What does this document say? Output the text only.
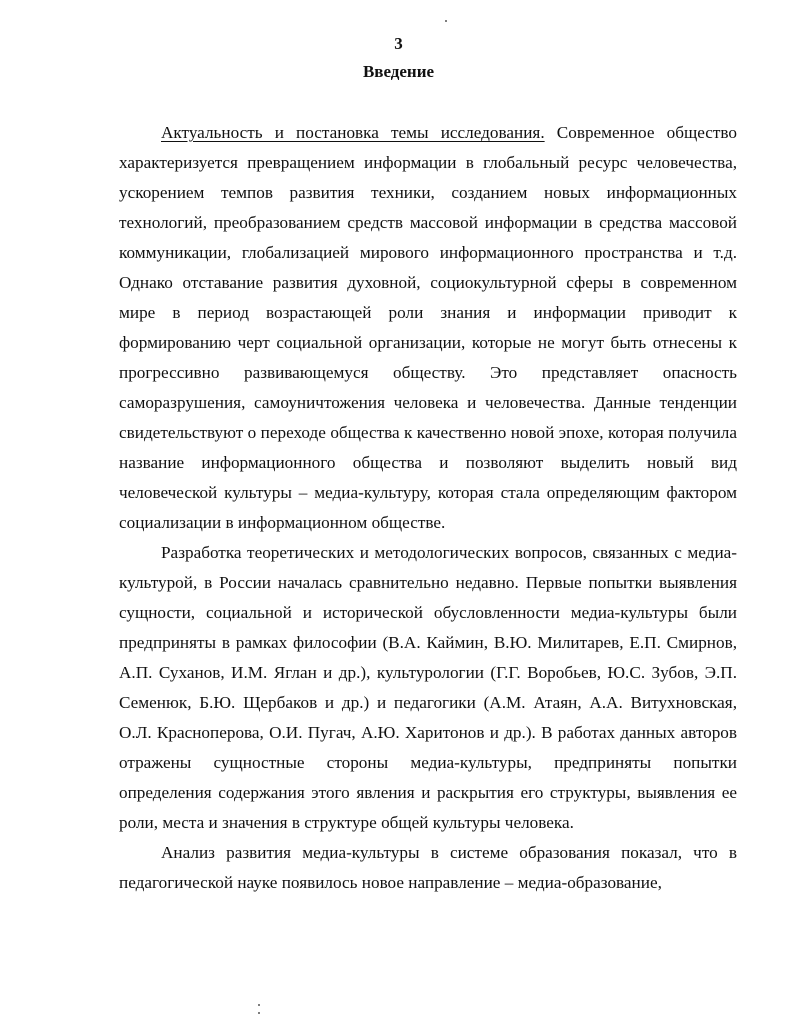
3
Введение

Актуальность и постановка темы исследования. Современное общество характеризуется превращением информации в глобальный ресурс человечества, ускорением темпов развития техники, созданием новых информационных технологий, преобразованием средств массовой информации в средства массовой коммуникации, глобализацией мирового информационного пространства и т.д. Однако отставание развития духовной, социокультурной сферы в современном мире в период возрастающей роли знания и информации приводит к формированию черт социальной организации, которые не могут быть отнесены к прогрессивно развивающемуся обществу. Это представляет опасность саморазрушения, самоуничтожения человека и человечества. Данные тенденции свидетельствуют о переходе общества к качественно новой эпохе, которая получила название информационного общества и позволяют выделить новый вид человеческой культуры – медиа-культуру, которая стала определяющим фактором социализации в информационном обществе.

Разработка теоретических и методологических вопросов, связанных с медиа-культурой, в России началась сравнительно недавно. Первые попытки выявления сущности, социальной и исторической обусловленности медиа-культуры были предприняты в рамках философии (В.А. Каймин, В.Ю. Милитарев, Е.П. Смирнов, А.П. Суханов, И.М. Яглан и др.), культурологии (Г.Г. Воробьев, Ю.С. Зубов, Э.П. Семенюк, Б.Ю. Щербаков и др.) и педагогики (А.М. Атаян, А.А. Витухновская, О.Л. Красноперова, О.И. Пугач, А.Ю. Харитонов и др.). В работах данных авторов отражены сущностные стороны медиа-культуры, предприняты попытки определения содержания этого явления и раскрытия его структуры, выявления ее роли, места и значения в структуре общей культуры человека.

Анализ развития медиа-культуры в системе образования показал, что в педагогической науке появилось новое направление – медиа-образование,
